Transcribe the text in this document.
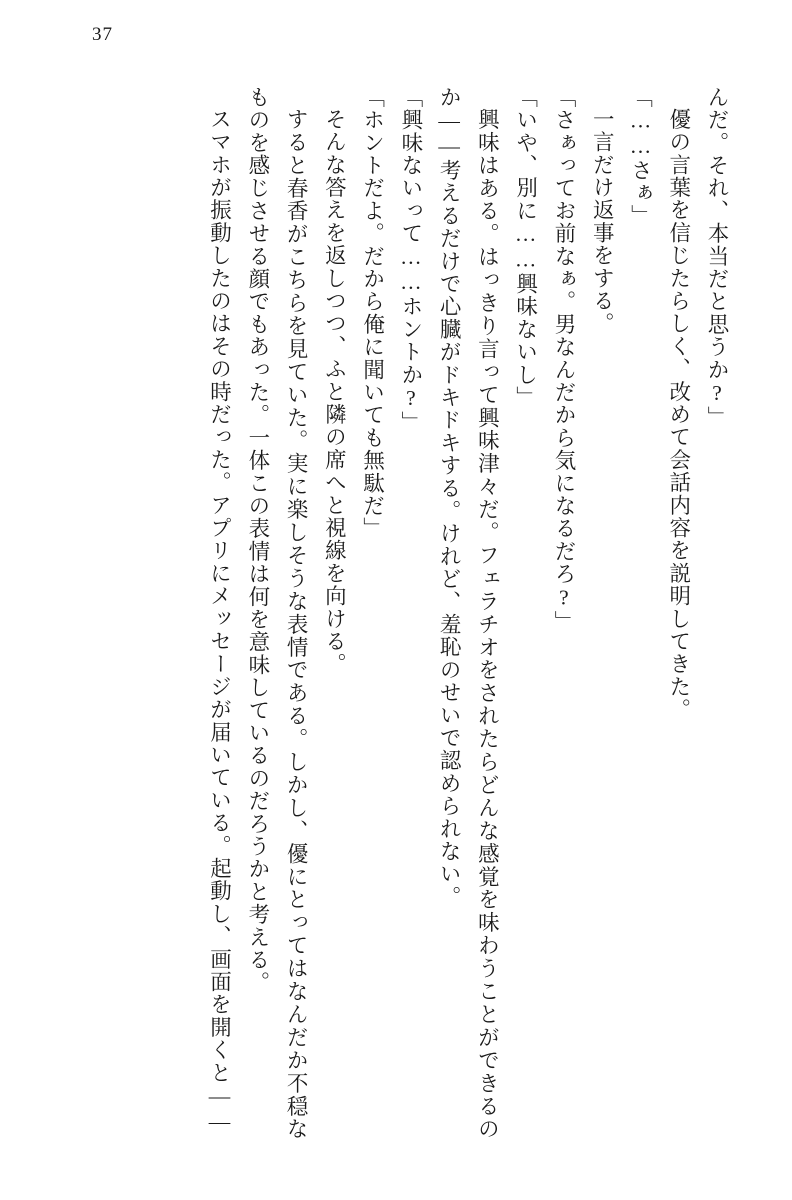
37

んだ。それ、本当だと思うか?」

優の言葉を信じたらしく、改めて会話内容を説明してきた。

「……さぁ」

一言だけ返事をする。

「さぁってお前なぁ。男なんだから気になるだろ?」

「いや、別に……興味ないし」

興味はある。はっきり言って興味津々だ。フェラチオをされたらどんな感覚を味わうことができるのか——考えるだけで心臓がドキドキする。けれど、羞恥のせいで認められない。

「興味ないって……ホントか?」

「ホントだよ。だから俺に聞いても無駄だ」

そんな答えを返しつつ、ふと隣の席へと視線を向ける。

すると春香がこちらを見ていた。実に楽しそうな表情である。しかし、優にとってはなんだか不穏なものを感じさせる顔でもあった。一体この表情は何を意味しているのだろうかと考える。

スマホが振動したのはその時だった。アプリにメッセージが届いている。起動し、画面を開くと——
